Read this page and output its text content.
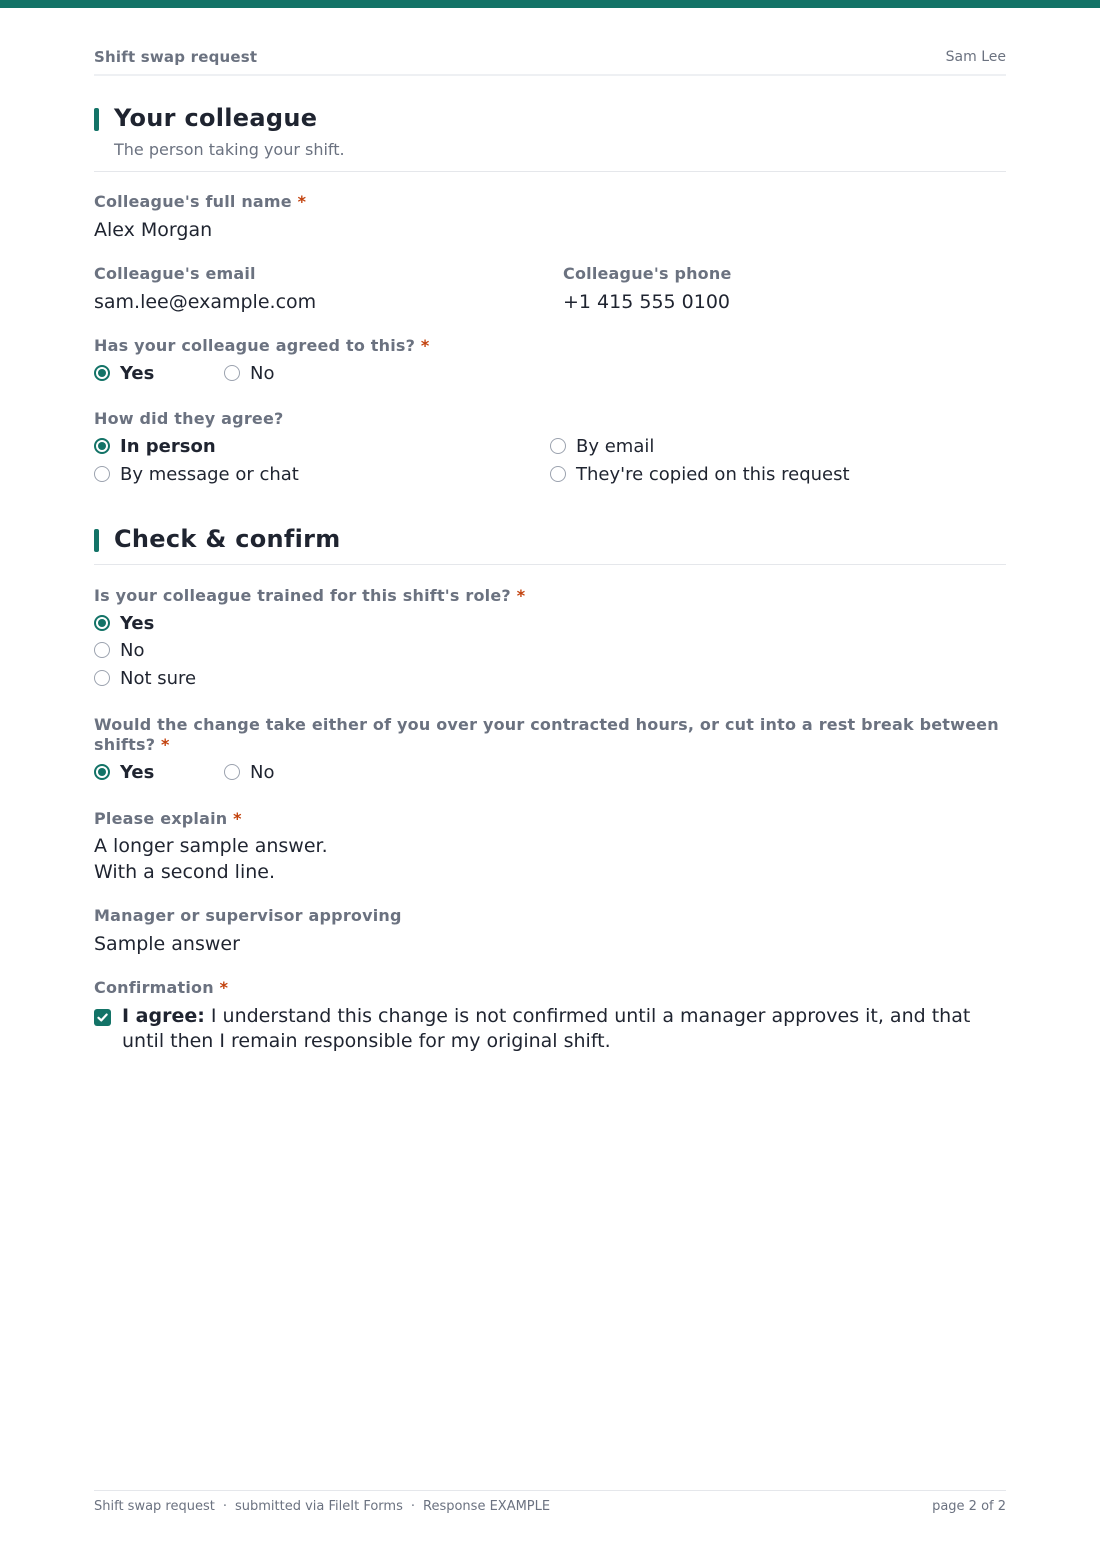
Shift swap request	Sam Lee
Your colleague
The person taking your shift.
Colleague's full name *
Alex Morgan
Colleague's email
sam.lee@example.com
Colleague's phone
+1 415 555 0100
Has your colleague agreed to this? *
Yes	No
How did they agree?
In person	By email
By message or chat	They're copied on this request
Check & confirm
Is your colleague trained for this shift's role? *
Yes
No
Not sure
Would the change take either of you over your contracted hours, or cut into a rest break between shifts? *
Yes	No
Please explain *
A longer sample answer.
With a second line.
Manager or supervisor approving
Sample answer
Confirmation *
I agree: I understand this change is not confirmed until a manager approves it, and that until then I remain responsible for my original shift.
Shift swap request · submitted via FileIt Forms · Response EXAMPLE	page 2 of 2
